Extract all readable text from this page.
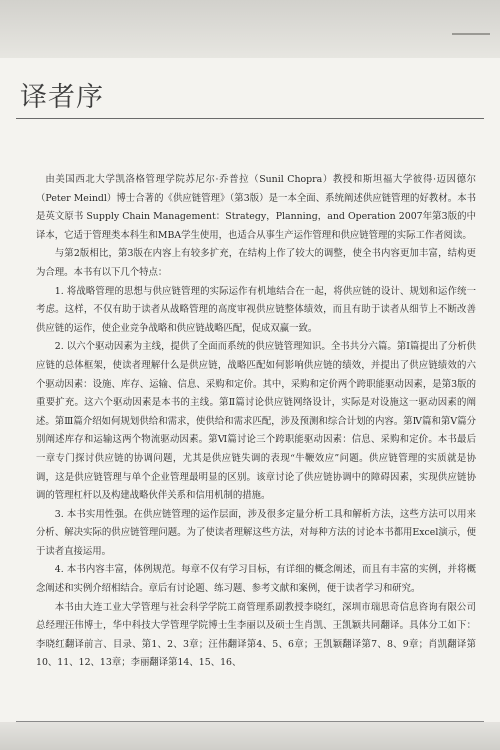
译者序

由美国西北大学凯洛格管理学院苏尼尔·乔普拉（Sunil Chopra）教授和斯坦福大学彼得·迈因德尔（Peter Meindl）博士合著的《供应链管理》（第3版）是一本全面、系统阐述供应链管理的好教材。本书是英文原书 Supply Chain Management：Strategy，Planning，and Operation 2007年第3版的中译本，它适于管理类本科生和MBA学生使用，也适合从事生产运作管理和供应链管理的实际工作者阅读。

与第2版相比，第3版在内容上有较多扩充，在结构上作了较大的调整，使全书内容更加丰富，结构更为合理。本书有以下几个特点：

1. 将战略管理的思想与供应链管理的实际运作有机地结合在一起，将供应链的设计、规划和运作统一考虑。这样，不仅有助于读者从战略管理的高度审视供应链整体绩效，而且有助于读者从细节上不断改善供应链的运作，使企业竞争战略和供应链战略匹配，促成双赢一致。

2. 以六个驱动因素为主线，提供了全面而系统的供应链管理知识。全书共分六篇。第Ⅰ篇提出了分析供应链的总体框架，使读者理解什么是供应链，战略匹配如何影响供应链的绩效，并提出了供应链绩效的六个驱动因素：设施、库存、运输、信息、采购和定价。其中，采购和定价两个跨职能驱动因素，是第3版的重要扩充。这六个驱动因素是本书的主线。第Ⅱ篇讨论供应链网络设计，实际是对设施这一驱动因素的阐述。第Ⅲ篇介绍如何规划供给和需求，使供给和需求匹配，涉及预测和综合计划的内容。第Ⅳ篇和第Ⅴ篇分别阐述库存和运输这两个物流驱动因素。第Ⅵ篇讨论三个跨职能驱动因素：信息、采购和定价。本书最后一章专门探讨供应链的协调问题，尤其是供应链失调的表现“牛鞭效应”问题。供应链管理的实质就是协调，这是供应链管理与单个企业管理最明显的区别。该章讨论了供应链协调中的障碍因素，实现供应链协调的管理杠杆以及构建战略伙伴关系和信用机制的措施。

3. 本书实用性强。在供应链管理的运作层面，涉及很多定量分析工具和解析方法，这些方法可以用来分析、解决实际的供应链管理问题。为了使读者理解这些方法，对每种方法的讨论本书都用Excel演示，便于读者直接运用。

4. 本书内容丰富，体例规范。每章不仅有学习目标，有详细的概念阐述，而且有丰富的实例，并将概念阐述和实例介绍相结合。章后有讨论题、练习题、参考文献和案例，便于读者学习和研究。

本书由大连工业大学管理与社会科学学院工商管理系副教授李晓红，深圳市瑞思奇信息咨询有限公司总经理汪伟博士，华中科技大学管理学院博士生李丽以及硕士生肖凯、王凯颖共同翻译。具体分工如下：李晓红翻译前言、目录、第1、2、3章；汪伟翻译第4、5、6章；王凯颖翻译第7、8、9章；肖凯翻译第10、11、12、13章；李丽翻译第14、15、16、
